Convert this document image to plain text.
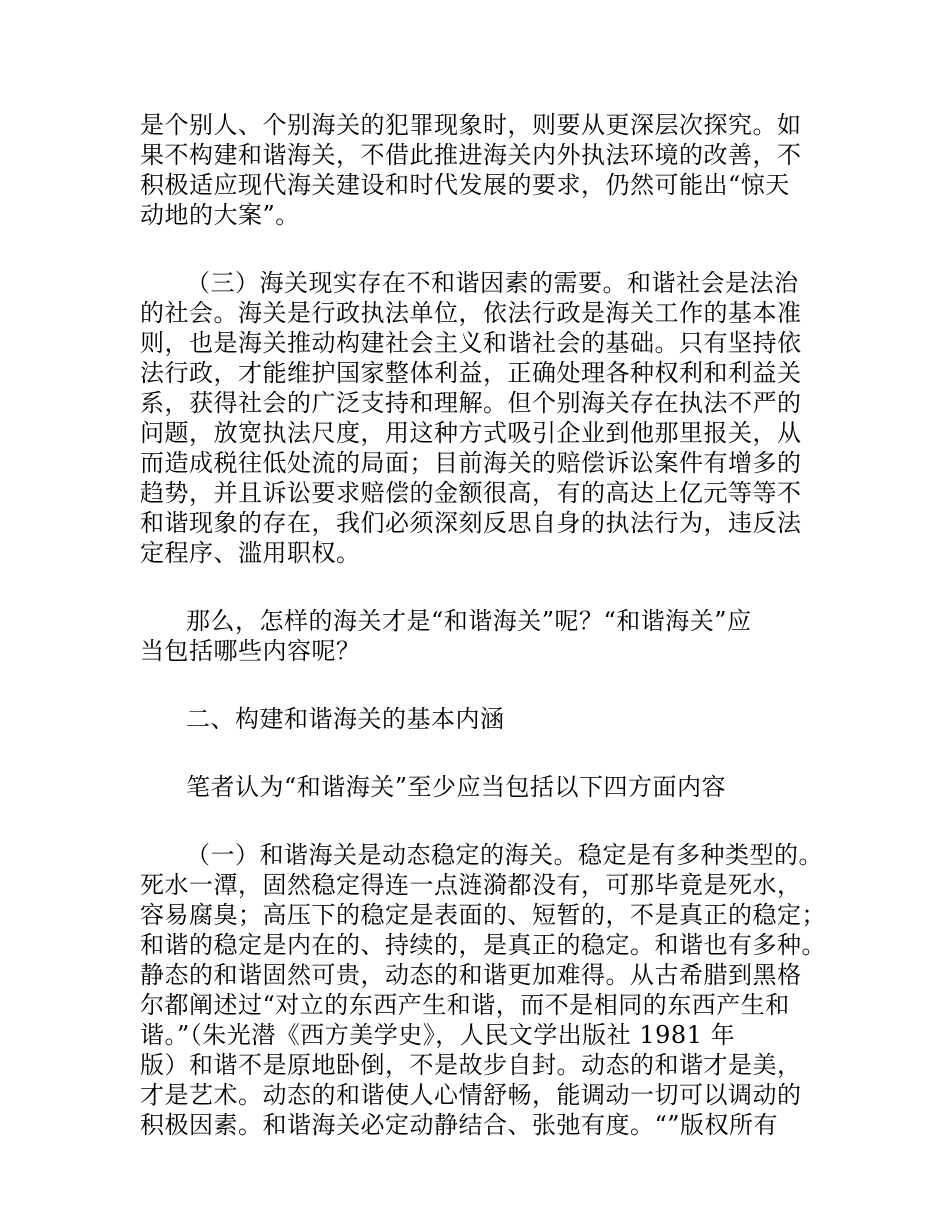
是个别人、个别海关的犯罪现象时，则要从更深层次探究。如
果不构建和谐海关，不借此推进海关内外执法环境的改善，不
积极适应现代海关建设和时代发展的要求，仍然可能出“惊天
动地的大案”。
（三）海关现实存在不和谐因素的需要。和谐社会是法治
的社会。海关是行政执法单位，依法行政是海关工作的基本准
则，也是海关推动构建社会主义和谐社会的基础。只有坚持依
法行政，才能维护国家整体利益，正确处理各种权利和利益关
系，获得社会的广泛支持和理解。但个别海关存在执法不严的
问题，放宽执法尺度，用这种方式吸引企业到他那里报关，从
而造成税往低处流的局面；目前海关的赔偿诉讼案件有增多的
趋势，并且诉讼要求赔偿的金额很高，有的高达上亿元等等不
和谐现象的存在，我们必须深刻反思自身的执法行为，违反法
定程序、滥用职权。
那么，怎样的海关才是“和谐海关”呢？“和谐海关”应
当包括哪些内容呢？
二、构建和谐海关的基本内涵
笔者认为“和谐海关”至少应当包括以下四方面内容
（一）和谐海关是动态稳定的海关。稳定是有多种类型的。
死水一潭，固然稳定得连一点涟漪都没有，可那毕竟是死水，
容易腐臭；高压下的稳定是表面的、短暂的，不是真正的稳定；
和谐的稳定是内在的、持续的，是真正的稳定。和谐也有多种。
静态的和谐固然可贵，动态的和谐更加难得。从古希腊到黑格
尔都阐述过“对立的东西产生和谐，而不是相同的东西产生和
谐。”（朱光潜《西方美学史》，人民文学出版社 1981 年
版）和谐不是原地卧倒，不是故步自封。动态的和谐才是美，
才是艺术。动态的和谐使人心情舒畅，能调动一切可以调动的
积极因素。和谐海关必定动静结合、张弛有度。“”版权所有
